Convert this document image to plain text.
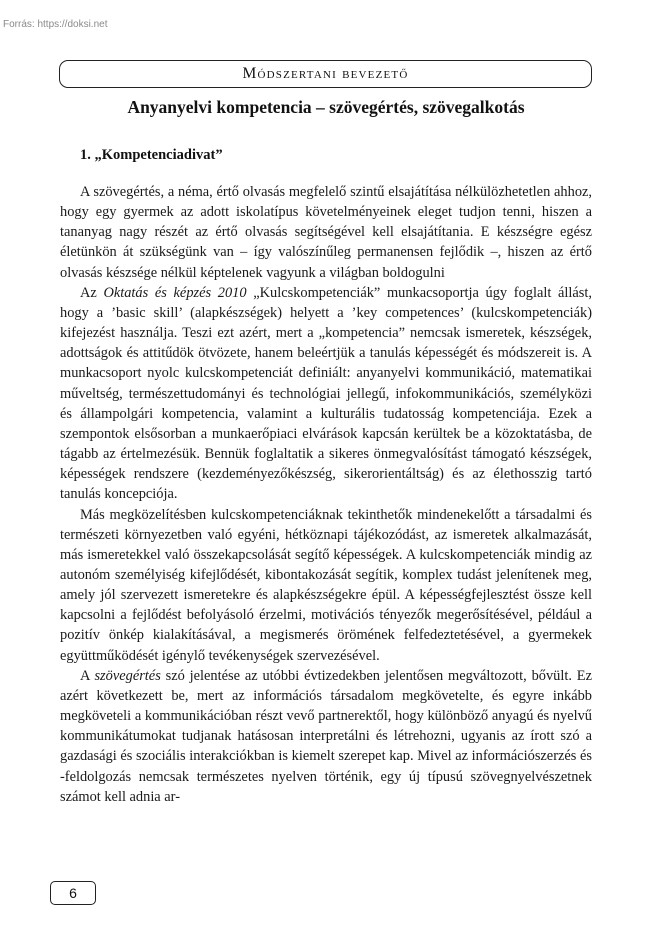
Forrás: https://doksi.net
Módszertani bevezető
Anyanyelvi kompetencia – szövegértés, szövegalkotás
1. „Kompetenciadivat”

A szövegértés, a néma, értő olvasás megfelelő szintű elsajátítása nélkülözhetetlen ahhoz, hogy egy gyermek az adott iskolatípus követelményeinek eleget tudjon tenni, hiszen a tananyag nagy részét az értő olvasás segítségével kell elsajátítania. E készségre egész életünkön át szükségünk van – így valószínűleg permanensen fejlődik –, hiszen az értő olvasás készsége nélkül képtelenek vagyunk a világban boldogulni

Az Oktatás és képzés 2010 „Kulcskompetenciák” munkacsoportja úgy foglalt állást, hogy a ’basic skill’ (alapkészségek) helyett a ’key competences’ (kulcskompetenciák) kifejezést használja. Teszi ezt azért, mert a „kompetencia” nemcsak ismeretek, készségek, adottságok és attitűdök ötvözete, hanem beleértjük a tanulás képességét és módszereit is. A munkacsoport nyolc kulcskompetenciát definiált: anyanyelvi kommunikáció, matematikai műveltség, természettudományi és technológiai jellegű, infokommunikációs, személyközi és állampolgári kompetencia, valamint a kulturális tudatosság kompetenciája. Ezek a szempontok elsősorban a munkaerőpiaci elvárások kapcsán kerültek be a közoktatásba, de tágabb az értelmezésük. Bennük foglaltatik a sikeres önmegvalósítást támogató készségek, képességek rendszere (kezdeményezőkészség, sikerorientáltság) és az élethosszig tartó tanulás koncepciója.

Más megközelítésben kulcskompetenciáknak tekinthetők mindenekelőtt a társadalmi és természeti környezetben való egyéni, hétköznapi tájékozódást, az ismeretek alkalmazását, más ismeretekkel való összekapcsolását segítő képességek. A kulcskompetenciák mindig az autonóm személyiség kifejlődését, kibontakozását segítik, komplex tudást jelenítenek meg, amely jól szervezett ismeretekre és alapkészségekre épül. A képességfejlesztést össze kell kapcsolni a fejlődést befolyásoló érzelmi, motivációs tényezők megerősítésével, például a pozitív önkép kialakításával, a megismerés örömének felfedeztetésével, a gyermekek együttműködését igénylő tevékenységek szervezésével.

A szövegértés szó jelentése az utóbbi évtizedekben jelentősen megváltozott, bővült. Ez azért következett be, mert az információs társadalom megkövetelte, és egyre inkább megköveteli a kommunikációban részt vevő partnerektől, hogy különböző anyagú és nyelvű kommunikátumokat tudjanak hatásosan interpretálni és létrehozni, ugyanis az írott szó a gazdasági és szociális interakciókban is kiemelt szerepet kap. Mivel az információszerzés és -feldolgozás nemcsak természetes nyelven történik, egy új típusú szövegnyelvészetnek számot kell adnia ar-

6
